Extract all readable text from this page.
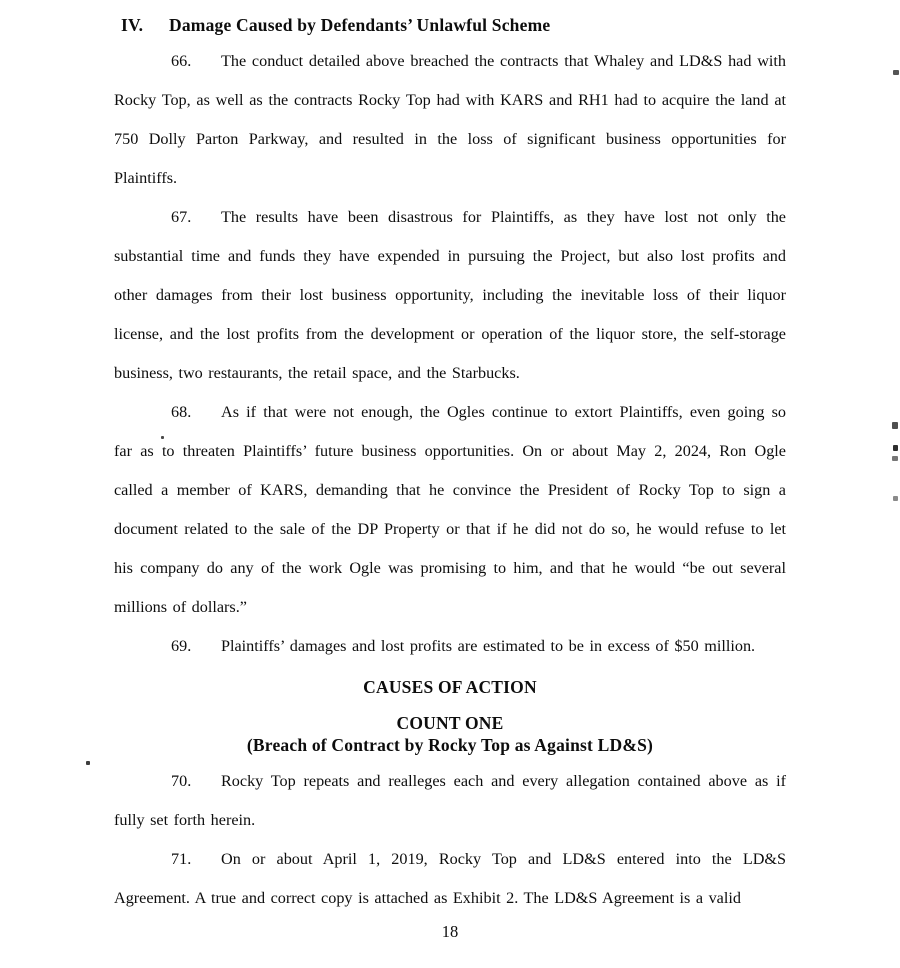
IV. Damage Caused by Defendants’ Unlawful Scheme

66. The conduct detailed above breached the contracts that Whaley and LD&S had with Rocky Top, as well as the contracts Rocky Top had with KARS and RH1 had to acquire the land at 750 Dolly Parton Parkway, and resulted in the loss of significant business opportunities for Plaintiffs.

67. The results have been disastrous for Plaintiffs, as they have lost not only the substantial time and funds they have expended in pursuing the Project, but also lost profits and other damages from their lost business opportunity, including the inevitable loss of their liquor license, and the lost profits from the development or operation of the liquor store, the self-storage business, two restaurants, the retail space, and the Starbucks.

68. As if that were not enough, the Ogles continue to extort Plaintiffs, even going so far as to threaten Plaintiffs’ future business opportunities. On or about May 2, 2024, Ron Ogle called a member of KARS, demanding that he convince the President of Rocky Top to sign a document related to the sale of the DP Property or that if he did not do so, he would refuse to let his company do any of the work Ogle was promising to him, and that he would “be out several millions of dollars.”

69. Plaintiffs’ damages and lost profits are estimated to be in excess of $50 million.

CAUSES OF ACTION
COUNT ONE
(Breach of Contract by Rocky Top as Against LD&S)

70. Rocky Top repeats and realleges each and every allegation contained above as if fully set forth herein.

71. On or about April 1, 2019, Rocky Top and LD&S entered into the LD&S Agreement. A true and correct copy is attached as Exhibit 2. The LD&S Agreement is a valid

18
